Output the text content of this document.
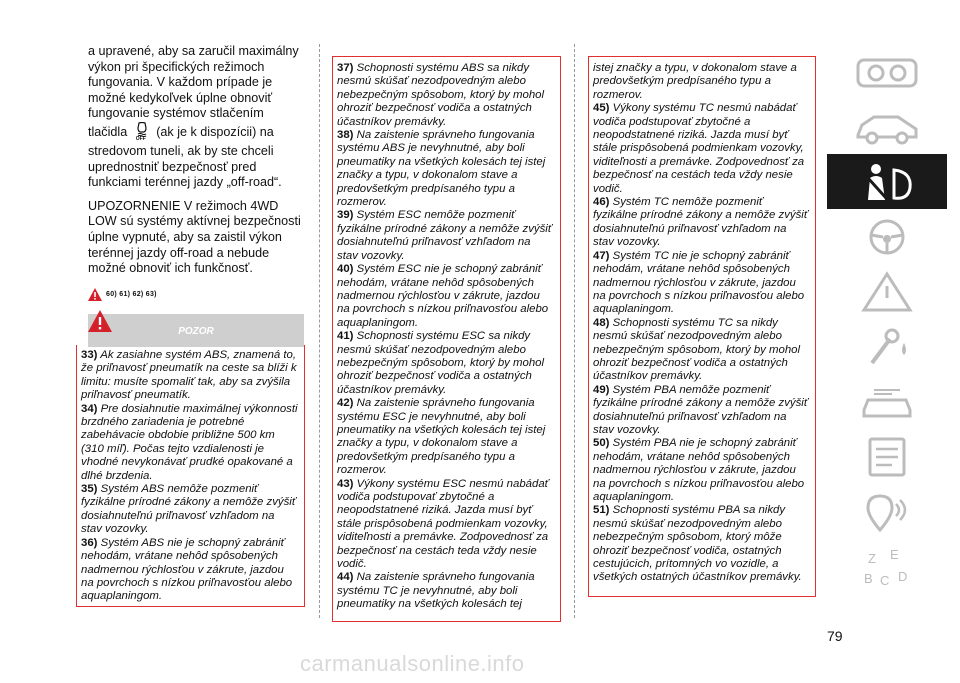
a upravené, aby sa zaručil maximálny výkon pri špecifických režimoch fungovania. V každom prípade je možné kedykoľvek úplne obnoviť fungovanie systémov stlačením tlačidla OFF (ak je k dispozícii) na stredovom tuneli, ak by ste chceli uprednostniť bezpečnosť pred funkciami terénnej jazdy „off-road“.

UPOZORNENIE V režimoch 4WD LOW sú systémy aktívnej bezpečnosti úplne vypnuté, aby sa zaistil výkon terénnej jazdy off-road a nebude možné obnoviť ich funkčnosť.

60) 61) 62) 63)
POZOR
33) Ak zasiahne systém ABS, znamená to, že priľnavosť pneumatík na ceste sa blíži k limitu: musíte spomaliť tak, aby sa zvýšila priľnavosť pneumatík.
34) Pre dosiahnutie maximálnej výkonnosti brzdného zariadenia je potrebné zabehávacie obdobie približne 500 km (310 míľ). Počas tejto vzdialenosti je vhodné nevykonávať prudké opakované a dlhé brzdenia.
35) Systém ABS nemôže pozmeniť fyzikálne prírodné zákony a nemôže zvýšiť dosiahnuteľnú priľnavosť vzhľadom na stav vozovky.
36) Systém ABS nie je schopný zabrániť nehodám, vrátane nehôd spôsobených nadmernou rýchlosťou v zákrute, jazdou na povrchoch s nízkou priľnavosťou alebo aquaplaningom.
37) Schopnosti systému ABS sa nikdy nesmú skúšať nezodpovedným alebo nebezpečným spôsobom, ktorý by mohol ohroziť bezpečnosť vodiča a ostatných účastníkov premávky.
38) Na zaistenie správneho fungovania systému ABS je nevyhnutné, aby boli pneumatiky na všetkých kolesách tej istej značky a typu, v dokonalom stave a predovšetkým predpísaného typu a rozmerov.
39) Systém ESC nemôže pozmeniť fyzikálne prírodné zákony a nemôže zvýšiť dosiahnuteľnú priľnavosť vzhľadom na stav vozovky.
40) Systém ESC nie je schopný zabrániť nehodám, vrátane nehôd spôsobených nadmernou rýchlosťou v zákrute, jazdou na povrchoch s nízkou priľnavosťou alebo aquaplaningom.
41) Schopnosti systému ESC sa nikdy nesmú skúšať nezodpovedným alebo nebezpečným spôsobom, ktorý by mohol ohroziť bezpečnosť vodiča a ostatných účastníkov premávky.
42) Na zaistenie správneho fungovania systému ESC je nevyhnutné, aby boli pneumatiky na všetkých kolesách tej istej značky a typu, v dokonalom stave a predovšetkým predpísaného typu a rozmerov.
43) Výkony systému ESC nesmú nabádať vodiča podstupovať zbytočné a neopodstatnené riziká. Jazda musí byť stále prispôsobená podmienkam vozovky, viditeľnosti a premávke. Zodpovednosť za bezpečnosť na cestách teda vždy nesie vodič.
44) Na zaistenie správneho fungovania systému TC je nevyhnutné, aby boli pneumatiky na všetkých kolesách tej
istej značky a typu, v dokonalom stave a predovšetkým predpísaného typu a rozmerov.
45) Výkony systému TC nesmú nabádať vodiča podstupovať zbytočné a neopodstatnené riziká. Jazda musí byť stále prispôsobená podmienkam vozovky, viditeľnosti a premávke. Zodpovednosť za bezpečnosť na cestách teda vždy nesie vodič.
46) Systém TC nemôže pozmeniť fyzikálne prírodné zákony a nemôže zvýšiť dosiahnuteľnú priľnavosť vzhľadom na stav vozovky.
47) Systém TC nie je schopný zabrániť nehodám, vrátane nehôd spôsobených nadmernou rýchlosťou v zákrute, jazdou na povrchoch s nízkou priľnavosťou alebo aquaplaningom.
48) Schopnosti systému TC sa nikdy nesmú skúšať nezodpovedným alebo nebezpečným spôsobom, ktorý by mohol ohroziť bezpečnosť vodiča a ostatných účastníkov premávky.
49) Systém PBA nemôže pozmeniť fyzikálne prírodné zákony a nemôže zvýšiť dosiahnuteľnú priľnavosť vzhľadom na stav vozovky.
50) Systém PBA nie je schopný zabrániť nehodám, vrátane nehôd spôsobených nadmernou rýchlosťou v zákrute, jazdou na povrchoch s nízkou priľnavosťou alebo aquaplaningom.
51) Schopnosti systému PBA sa nikdy nesmú skúšať nezodpovedným alebo nebezpečným spôsobom, ktorý môže ohroziť bezpečnosť vodiča, ostatných cestujúcich, prítomných vo vozidle, a všetkých ostatných účastníkov premávky.
Z E
B C D
79
carmanualsonline.info
